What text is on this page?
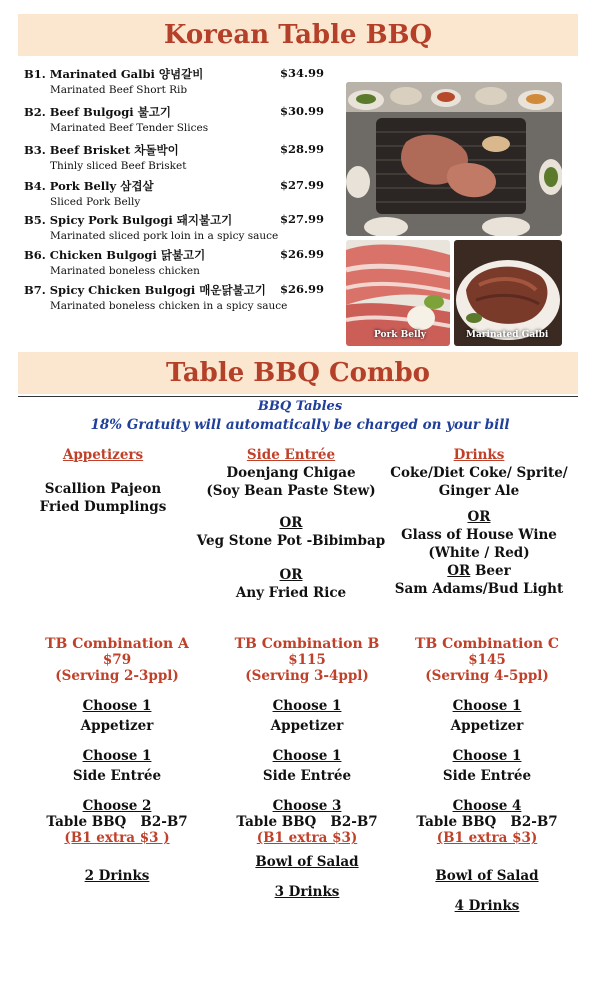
Korean Table BBQ
B1. Marinated Galbi 양념갈비	$34.99
Marinated Beef Short Rib
B2. Beef Bulgogi 불고기	$30.99
Marinated Beef Tender Slices
B3. Beef Brisket 차돌박이	$28.99
Thinly sliced Beef Brisket
B4. Pork Belly 삼겹살	$27.99
Sliced Pork Belly
B5. Spicy Pork Bulgogi 돼지불고기	$27.99
Marinated sliced pork loin in a spicy sauce
B6. Chicken Bulgogi 닭불고기	$26.99
Marinated boneless chicken
B7. Spicy Chicken Bulgogi 매운닭불고기 $26.99
Marinated boneless chicken in a spicy sauce
Pork Belly	Marinated Galbi
Table BBQ Combo
BBQ Tables
18% Gratuity will automatically be charged on your bill
Appetizers
Scallion Pajeon
Fried Dumplings
Side Entrée
Doenjang Chigae
(Soy Bean Paste Stew)
OR
Veg Stone Pot -Bibimbap
OR
Any Fried Rice
Drinks
Coke/Diet Coke/ Sprite/
Ginger Ale
OR
Glass of House Wine
(White / Red)
OR Beer
Sam Adams/Bud Light
TB Combination A
$79
(Serving 2-3ppl)
Choose 1
Appetizer
Choose 1
Side Entrée
Choose 2
Table BBQ   B2-B7
(B1 extra $3 )
2 Drinks
TB Combination B
$115
(Serving 3-4ppl)
Choose 1
Appetizer
Choose 1
Side Entrée
Choose 3
Table BBQ   B2-B7
(B1 extra $3)
Bowl of Salad
3 Drinks
TB Combination C
$145
(Serving 4-5ppl)
Choose 1
Appetizer
Choose 1
Side Entrée
Choose 4
Table BBQ   B2-B7
(B1 extra $3)
Bowl of Salad
4 Drinks
